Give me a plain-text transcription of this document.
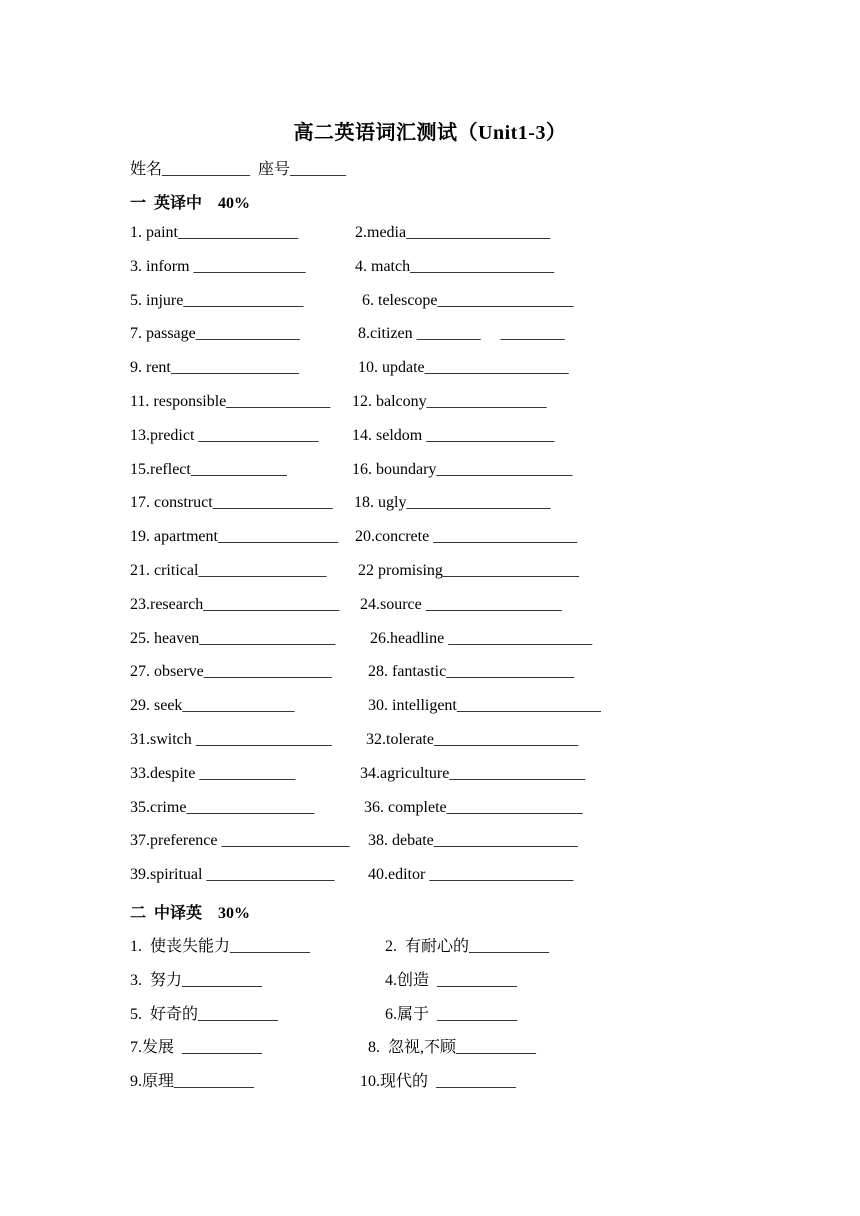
高二英语词汇测试（Unit1-3）
姓名___________  座号_______
一  英译中    40%
1. paint_______________	2.media__________________
3. inform ______________	4. match__________________
5. injure_______________	6. telescope_________________
7. passage_____________	8.citizen ________     ________
9. rent________________	10. update__________________
11. responsible_____________ 12. balcony_______________
13.predict _______________ 14. seldom ________________
15.reflect____________	16. boundary_________________
17. construct_______________ 18. ugly__________________
19. apartment_______________ 20.concrete __________________
21. critical________________ 22 promising_________________
23.research_________________ 24.source _________________
25. heaven_________________ 26.headline __________________
27. observe________________ 28. fantastic________________
29. seek______________	30. intelligent__________________
31.switch _________________ 32.tolerate__________________
33.despite ____________	34.agriculture_________________
35.crime________________	36. complete_________________
37.preference ________________ 38. debate__________________
39.spiritual ________________ 40.editor __________________
二  中译英    30%
1.  使丧失能力__________	2.  有耐心的__________
3.  努力__________	4.创造  __________
5.  好奇的__________	6.属于  __________
7.发展  __________	8.  忽视,不顾__________
9.原理__________	10.现代的  __________
